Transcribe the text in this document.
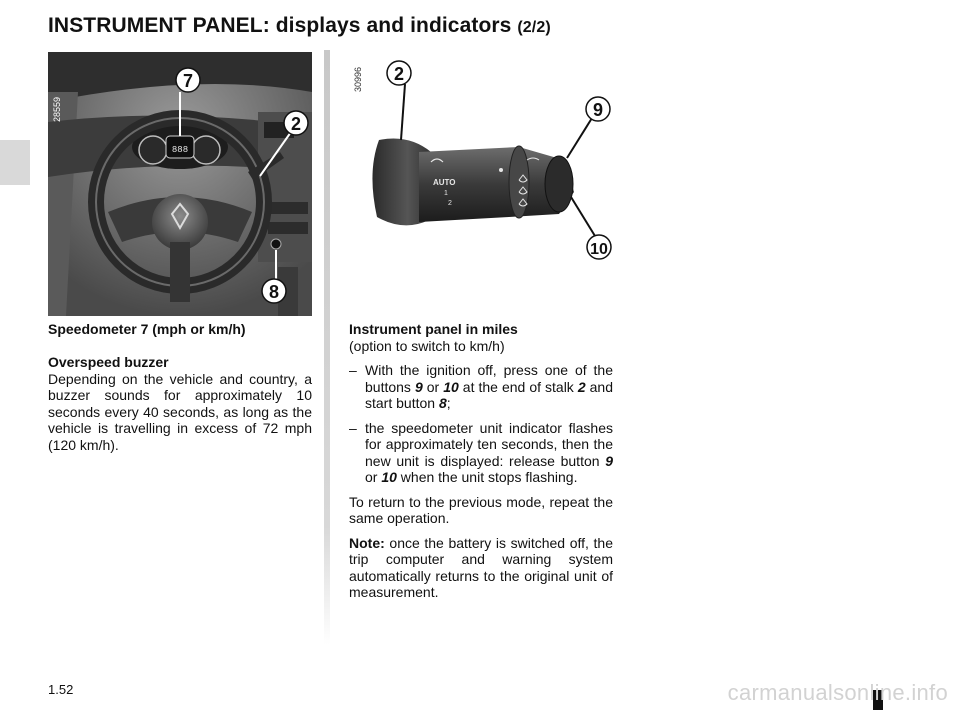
INSTRUMENT PANEL: displays and indicators (2/2)
888
7
2
8
28559
AUTO
1
2
2
9
10
30996

Speedometer 7 (mph or km/h)

Overspeed buzzer

Depending on the vehicle and country, a buzzer sounds for approximately 10 seconds every 40 seconds, as long as the vehicle is travelling in excess of 72 mph (120 km/h).

Instrument panel in miles

(option to switch to km/h)

– With the ignition off, press one of the buttons 9 or 10 at the end of stalk 2 and start button 8;
– the speedometer unit indicator flashes for approximately ten seconds, then the new unit is displayed: release button 9 or 10 when the unit stops flashing.

To return to the previous mode, repeat the same operation.

Note: once the battery is switched off, the trip computer and warning system automatically returns to the original unit of measurement.

1.52	carmanualsonline.info
